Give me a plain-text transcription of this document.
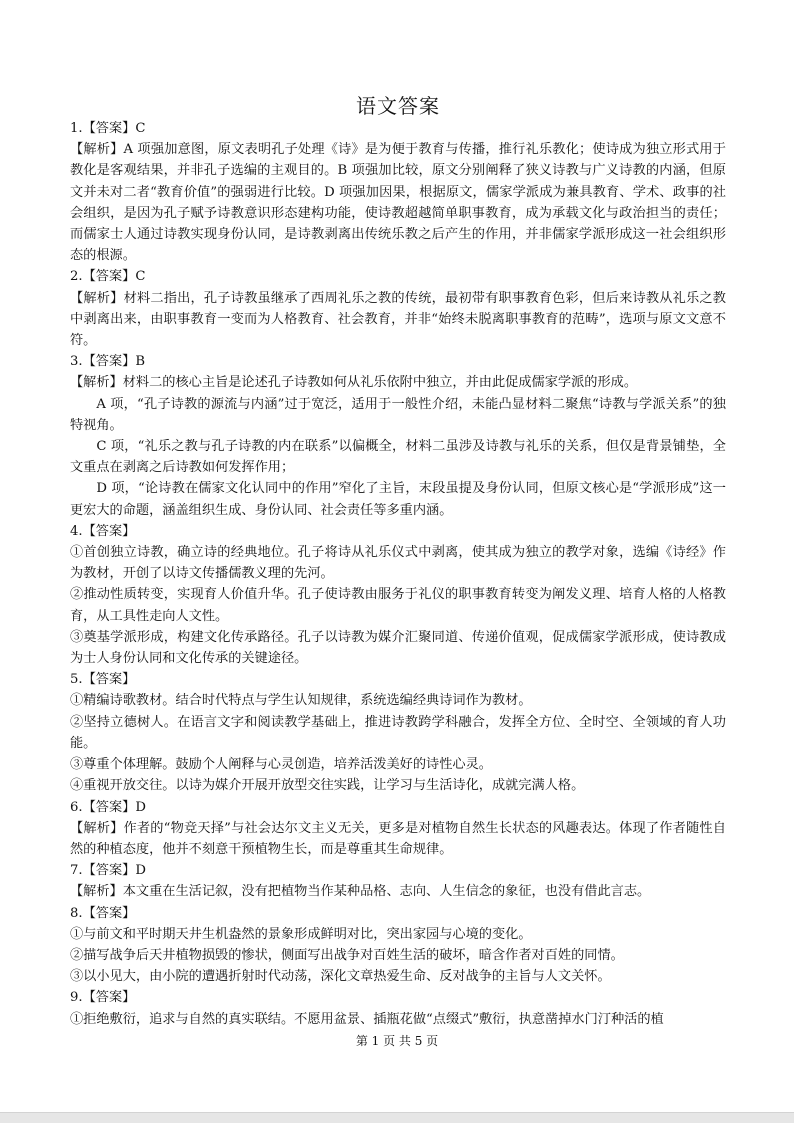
语文答案

1.【答案】C

【解析】A 项强加意图，原文表明孔子处理《诗》是为便于教育与传播，推行礼乐教化；使诗成为独立形式用于教化是客观结果，并非孔子选编的主观目的。B 项强加比较，原文分别阐释了狭义诗教与广义诗教的内涵，但原文并未对二者“教育价值”的强弱进行比较。D 项强加因果，根据原文，儒家学派成为兼具教育、学术、政事的社会组织，是因为孔子赋予诗教意识形态建构功能，使诗教超越简单职事教育，成为承载文化与政治担当的责任；而儒家士人通过诗教实现身份认同，是诗教剥离出传统乐教之后产生的作用，并非儒家学派形成这一社会组织形态的根源。

2.【答案】C

【解析】材料二指出，孔子诗教虽继承了西周礼乐之教的传统，最初带有职事教育色彩，但后来诗教从礼乐之教中剥离出来，由职事教育一变而为人格教育、社会教育，并非“始终未脱离职事教育的范畴”，选项与原文文意不符。

3.【答案】B

【解析】材料二的核心主旨是论述孔子诗教如何从礼乐依附中独立，并由此促成儒家学派的形成。

A 项，“孔子诗教的源流与内涵”过于宽泛，适用于一般性介绍，未能凸显材料二聚焦“诗教与学派关系”的独特视角。

C 项，“礼乐之教与孔子诗教的内在联系”以偏概全，材料二虽涉及诗教与礼乐的关系，但仅是背景铺垫，全文重点在剥离之后诗教如何发挥作用；

D 项，“论诗教在儒家文化认同中的作用”窄化了主旨，末段虽提及身份认同，但原文核心是“学派形成”这一更宏大的命题，涵盖组织生成、身份认同、社会责任等多重内涵。

4.【答案】

①首创独立诗教，确立诗的经典地位。孔子将诗从礼乐仪式中剥离，使其成为独立的教学对象，选编《诗经》作为教材，开创了以诗文传播儒教义理的先河。

②推动性质转变，实现育人价值升华。孔子使诗教由服务于礼仪的职事教育转变为阐发义理、培育人格的人格教育，从工具性走向人文性。

③奠基学派形成，构建文化传承路径。孔子以诗教为媒介汇聚同道、传递价值观，促成儒家学派形成，使诗教成为士人身份认同和文化传承的关键途径。

5.【答案】

①精编诗歌教材。结合时代特点与学生认知规律，系统选编经典诗词作为教材。

②坚持立德树人。在语言文字和阅读教学基础上，推进诗教跨学科融合，发挥全方位、全时空、全领域的育人功能。

③尊重个体理解。鼓励个人阐释与心灵创造，培养活泼美好的诗性心灵。

④重视开放交往。以诗为媒介开展开放型交往实践，让学习与生活诗化，成就完满人格。

6.【答案】D

【解析】作者的“物竞天择”与社会达尔文主义无关，更多是对植物自然生长状态的风趣表达。体现了作者随性自然的种植态度，他并不刻意干预植物生长，而是尊重其生命规律。

7.【答案】D

【解析】本文重在生活记叙，没有把植物当作某种品格、志向、人生信念的象征，也没有借此言志。

8.【答案】

①与前文和平时期天井生机盎然的景象形成鲜明对比，突出家园与心境的变化。

②描写战争后天井植物损毁的惨状，侧面写出战争对百姓生活的破坏，暗含作者对百姓的同情。

③以小见大，由小院的遭遇折射时代动荡，深化文章热爱生命、反对战争的主旨与人文关怀。

9.【答案】

①拒绝敷衍，追求与自然的真实联结。不愿用盆景、插瓶花做“点缀式”敷衍，执意凿掉水门汀种活的植

第 1 页 共 5 页
